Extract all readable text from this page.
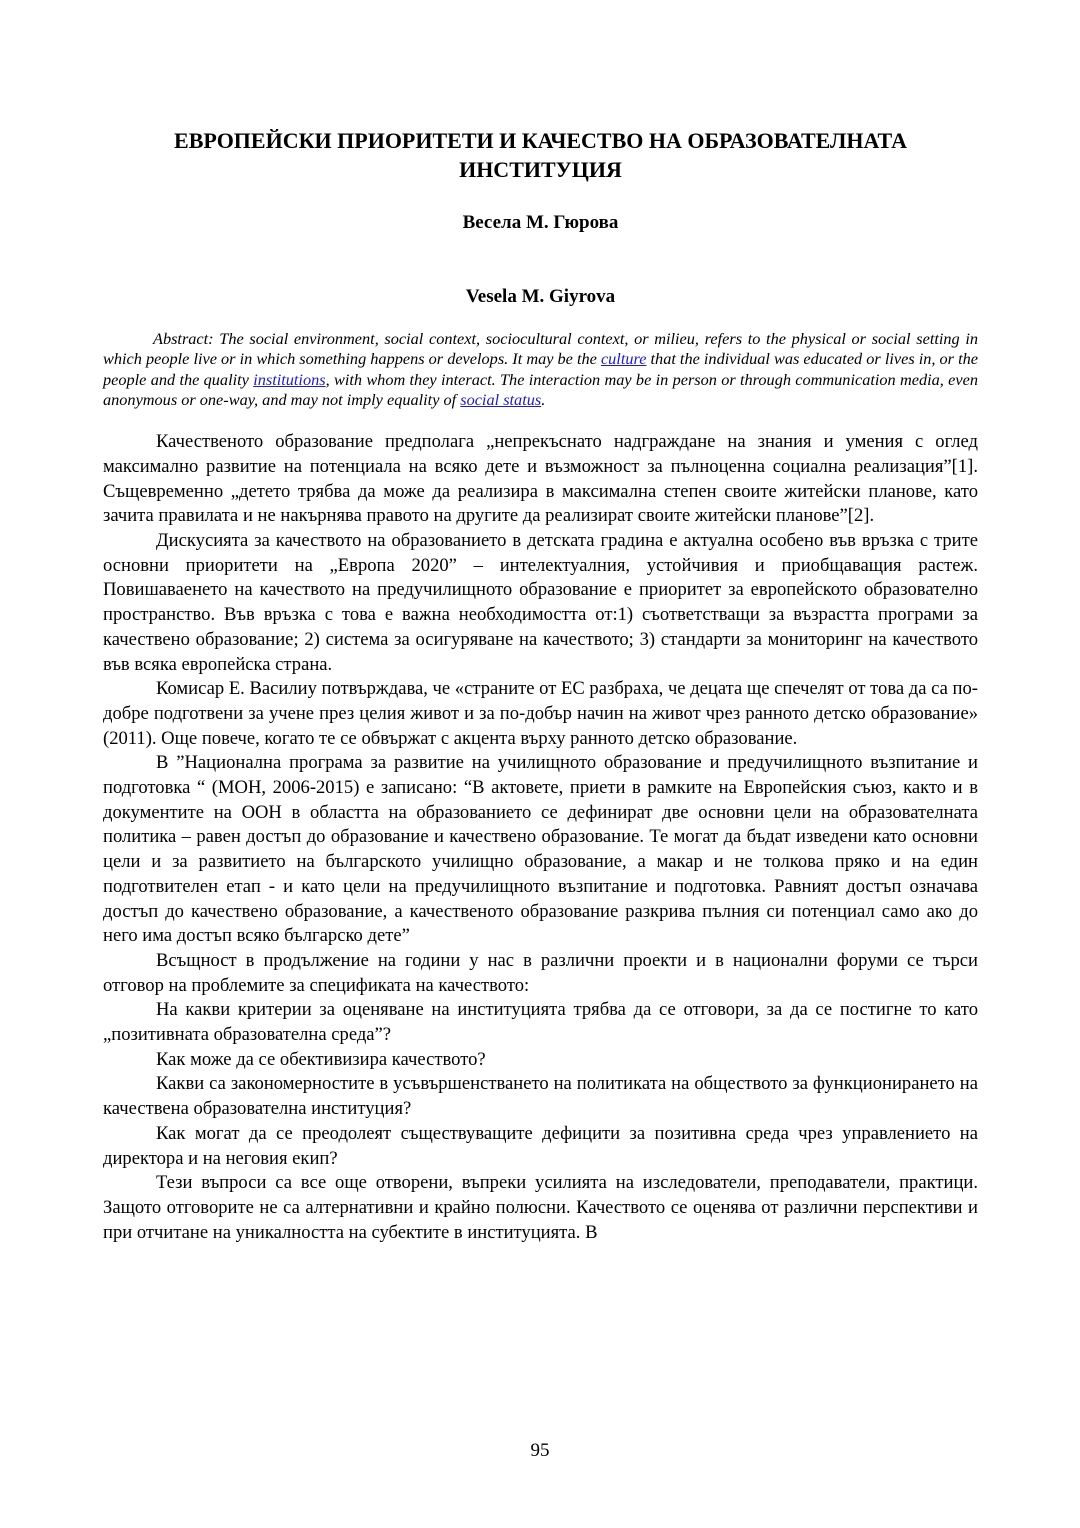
ЕВРОПЕЙСКИ ПРИОРИТЕТИ И КАЧЕСТВО НА ОБРАЗОВАТЕЛНАТА
ИНСТИТУЦИЯ

Весела М. Гюрова

Vesela M. Giyrova

Abstract: The social environment, social context, sociocultural context, or milieu, refers to the physical or social setting in which people live or in which something happens or develops. It may be the culture that the individual was educated or lives in, or the people and the quality institutions, with whom they interact. The interaction may be in person or through communication media, even anonymous or one-way, and may not imply equality of social status.

Качественото образование предполага „непрекъснато надграждане на знания и умения с оглед максимално развитие на потенциала на всяко дете и възможност за пълноценна социална реализация”[1]. Същевременно „детето трябва да може да реализира в максимална степен своите житейски планове, като зачита правилата и не накърнява правото на другите да реализират своите житейски планове”[2].

Дискусията за качеството на образованието в детската градина е актуална особено във връзка с трите основни приоритети на „Европа 2020” – интелектуалния, устойчивия и приобщаващия растеж. Повишаваенето на качеството на предучилищното образование е приоритет за европейското образователно пространство. Във връзка с това е важна необходимостта от:1) съответстващи за възрастта програми за качествено образование; 2) система за осигуряване на качеството; 3) стандарти за мониторинг на качеството във всяка европейска страна.

Комисар Е. Василиу потвърждава, че «страните от ЕС разбраха, че децата ще спечелят от това да са по-добре подготвени за учене през целия живот и за по-добър начин на живот чрез ранното детско образование» (2011). Още повече, когато те се обвържат с акцента върху ранното детско образование.

В ”Национална програма за развитие на училищното образование и предучилищното възпитание и подготовка “ (МОН, 2006-2015) е записано: “В актовете, приети в рамките на Европейския съюз, както и в документите на ООН в областта на образованието се дефинират две основни цели на образователната политика – равен достъп до образование и качествено образование. Те могат да бъдат изведени като основни цели и за развитието на българското училищно образование, а макар и не толкова пряко и на един подготвителен етап - и като цели на предучилищното възпитание и подготовка. Равният достъп означава достъп до качествено образование, а качественото образование разкрива пълния си потенциал само ако до него има достъп всяко българско дете”

Всъщност в продължение на години у нас в различни проекти и в национални форуми се търси отговор на проблемите за спецификата на качеството:

На какви критерии за оценяване на институцията трябва да се отговори, за да се постигне то като „позитивната образователна среда”?

Как може да се обективизира качеството?

Какви са закономерностите в усъвършенстването на политиката на обществото за функционирането на качествена образователна институция?

Как могат да се преодолеят съществуващите дефицити за позитивна среда чрез управлението на директора и на неговия екип?

Тези въпроси са все още отворени, въпреки усилията на изследователи, преподаватели, практици. Защото отговорите не са алтернативни и крайно полюсни. Качеството се оценява от различни перспективи и при отчитане на уникалността на субектите в институцията. В

95
